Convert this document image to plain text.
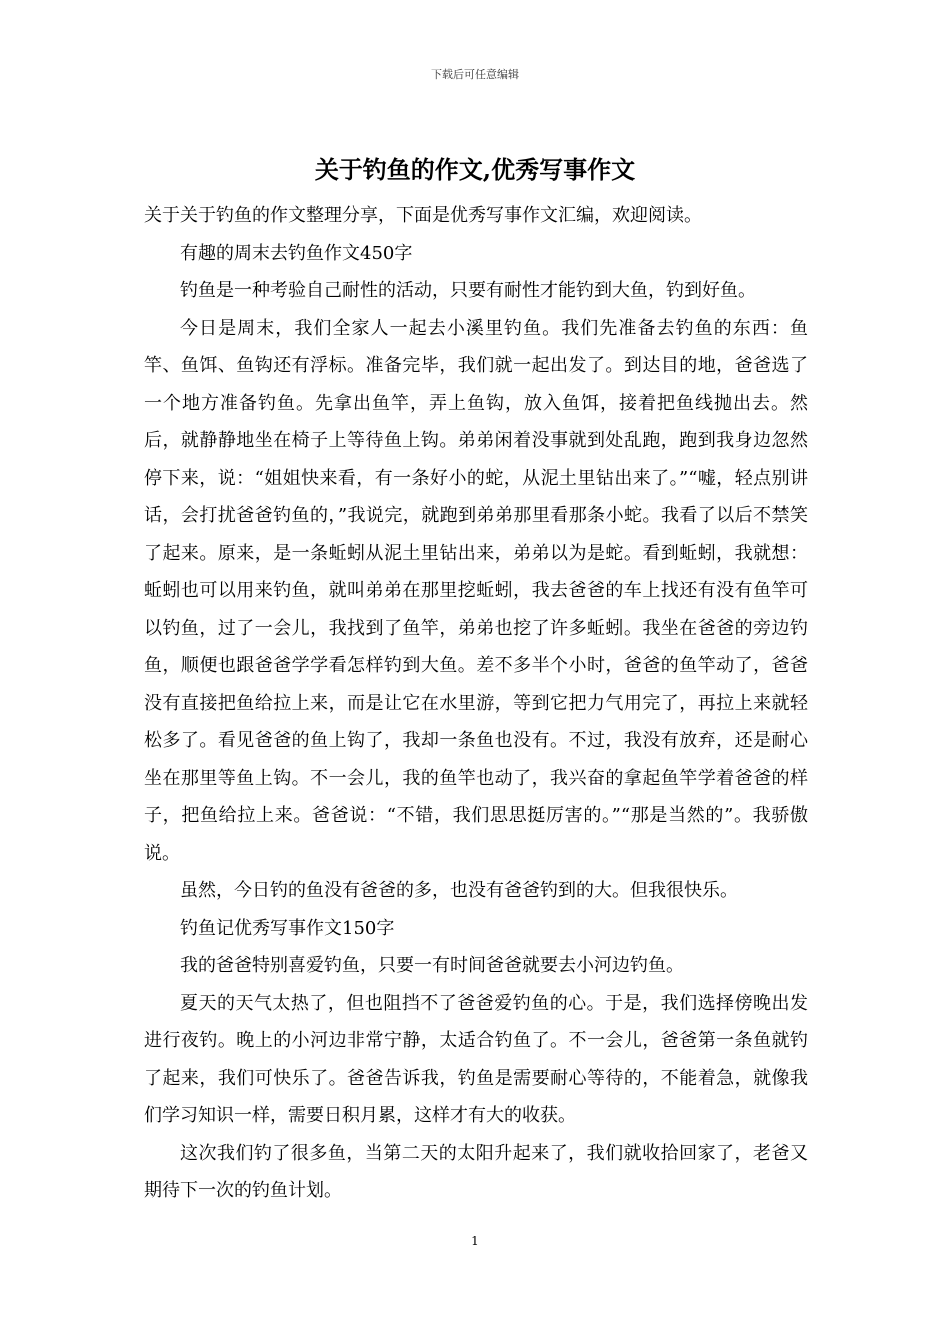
下载后可任意编辑
关于钓鱼的作文,优秀写事作文

关于关于钓鱼的作文整理分享，下面是优秀写事作文汇编，欢迎阅读。

有趣的周末去钓鱼作文450字

钓鱼是一种考验自己耐性的活动，只要有耐性才能钓到大鱼，钓到好鱼。

今日是周末，我们全家人一起去小溪里钓鱼。我们先准备去钓鱼的东西：鱼竿、鱼饵、鱼钩还有浮标。准备完毕，我们就一起出发了。到达目的地，爸爸选了一个地方准备钓鱼。先拿出鱼竿，弄上鱼钩，放入鱼饵，接着把鱼线抛出去。然后，就静静地坐在椅子上等待鱼上钩。弟弟闲着没事就到处乱跑，跑到我身边忽然停下来，说：“姐姐快来看，有一条好小的蛇，从泥土里钻出来了。”“嘘，轻点别讲话，会打扰爸爸钓鱼的，”我说完，就跑到弟弟那里看那条小蛇。我看了以后不禁笑了起来。原来，是一条蚯蚓从泥土里钻出来，弟弟以为是蛇。看到蚯蚓，我就想：蚯蚓也可以用来钓鱼，就叫弟弟在那里挖蚯蚓，我去爸爸的车上找还有没有鱼竿可以钓鱼，过了一会儿，我找到了鱼竿，弟弟也挖了许多蚯蚓。我坐在爸爸的旁边钓鱼，顺便也跟爸爸学学看怎样钓到大鱼。差不多半个小时，爸爸的鱼竿动了，爸爸没有直接把鱼给拉上来，而是让它在水里游，等到它把力气用完了，再拉上来就轻松多了。看见爸爸的鱼上钩了，我却一条鱼也没有。不过，我没有放弃，还是耐心坐在那里等鱼上钩。不一会儿，我的鱼竿也动了，我兴奋的拿起鱼竿学着爸爸的样子，把鱼给拉上来。爸爸说：“不错，我们思思挺厉害的。”“那是当然的”。我骄傲说。

虽然，今日钓的鱼没有爸爸的多，也没有爸爸钓到的大。但我很快乐。

钓鱼记优秀写事作文150字

我的爸爸特别喜爱钓鱼，只要一有时间爸爸就要去小河边钓鱼。

夏天的天气太热了，但也阻挡不了爸爸爱钓鱼的心。于是，我们选择傍晚出发进行夜钓。晚上的小河边非常宁静，太适合钓鱼了。不一会儿，爸爸第一条鱼就钓了起来，我们可快乐了。爸爸告诉我，钓鱼是需要耐心等待的，不能着急，就像我们学习知识一样，需要日积月累，这样才有大的收获。

这次我们钓了很多鱼，当第二天的太阳升起来了，我们就收拾回家了，老爸又期待下一次的钓鱼计划。

1
